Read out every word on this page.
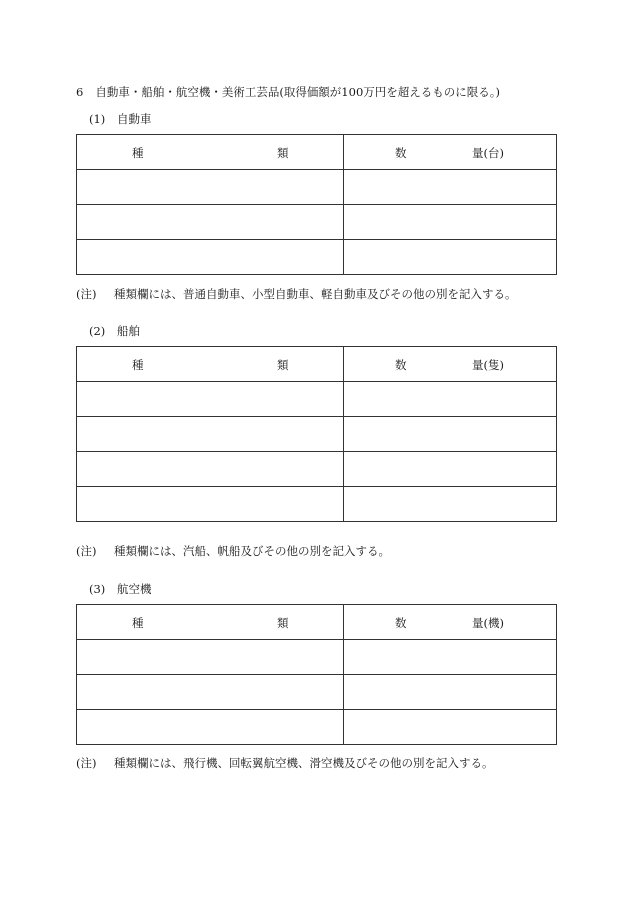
6 自動車・船舶・航空機・美術工芸品(取得価額が100万円を超えるものに限る。)
(1) 自動車
種 類	数 量(台)

(注) 種類欄には、普通自動車、小型自動車、軽自動車及びその他の別を記入する。
(2) 船舶
種 類	数 量(隻)

(注) 種類欄には、汽船、帆船及びその他の別を記入する。
(3) 航空機
種 類	数 量(機)

(注) 種類欄には、飛行機、回転翼航空機、滑空機及びその他の別を記入する。
